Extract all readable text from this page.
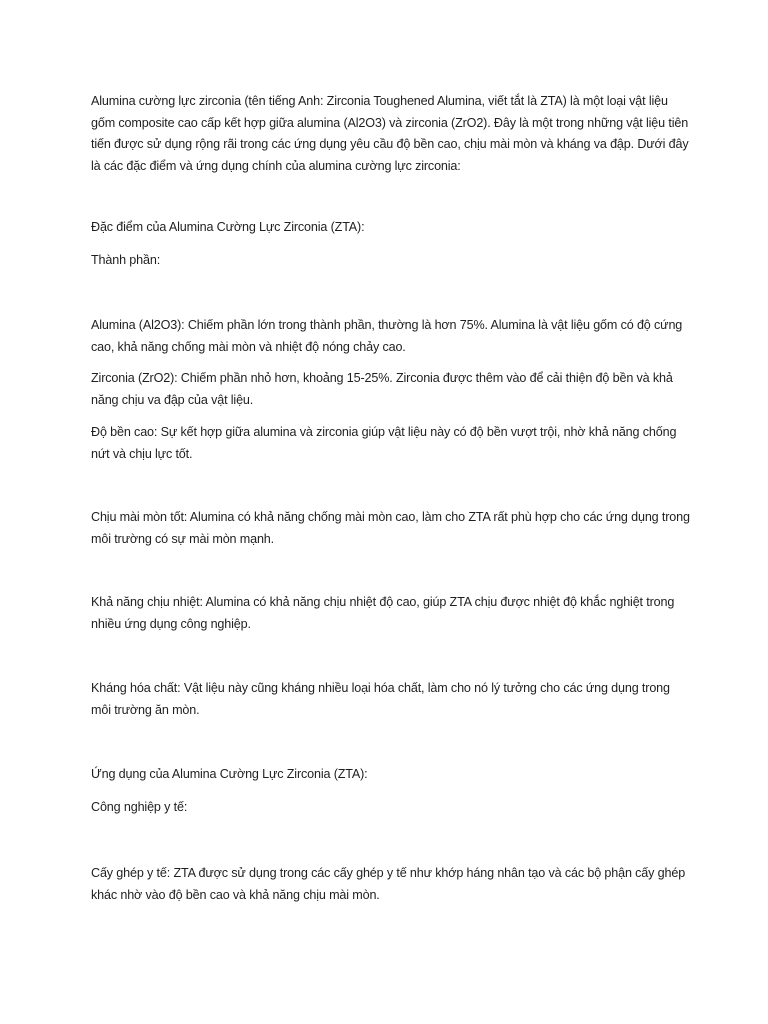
Alumina cường lực zirconia (tên tiếng Anh: Zirconia Toughened Alumina, viết tắt là ZTA) là một loại vật liệu gốm composite cao cấp kết hợp giữa alumina (Al2O3) và zirconia (ZrO2). Đây là một trong những vật liệu tiên tiến được sử dụng rộng rãi trong các ứng dụng yêu cầu độ bền cao, chịu mài mòn và kháng va đập. Dưới đây là các đặc điểm và ứng dụng chính của alumina cường lực zirconia:

Đặc điểm của Alumina Cường Lực Zirconia (ZTA):

Thành phần:

Alumina (Al2O3): Chiếm phần lớn trong thành phần, thường là hơn 75%. Alumina là vật liệu gốm có độ cứng cao, khả năng chống mài mòn và nhiệt độ nóng chảy cao.

Zirconia (ZrO2): Chiếm phần nhỏ hơn, khoảng 15-25%. Zirconia được thêm vào để cải thiện độ bền và khả năng chịu va đập của vật liệu.

Độ bền cao: Sự kết hợp giữa alumina và zirconia giúp vật liệu này có độ bền vượt trội, nhờ khả năng chống nứt và chịu lực tốt.

Chịu mài mòn tốt: Alumina có khả năng chống mài mòn cao, làm cho ZTA rất phù hợp cho các ứng dụng trong môi trường có sự mài mòn mạnh.

Khả năng chịu nhiệt: Alumina có khả năng chịu nhiệt độ cao, giúp ZTA chịu được nhiệt độ khắc nghiệt trong nhiều ứng dụng công nghiệp.

Kháng hóa chất: Vật liệu này cũng kháng nhiều loại hóa chất, làm cho nó lý tưởng cho các ứng dụng trong môi trường ăn mòn.

Ứng dụng của Alumina Cường Lực Zirconia (ZTA):

Công nghiệp y tế:

Cấy ghép y tế: ZTA được sử dụng trong các cấy ghép y tế như khớp háng nhân tạo và các bộ phận cấy ghép khác nhờ vào độ bền cao và khả năng chịu mài mòn.
